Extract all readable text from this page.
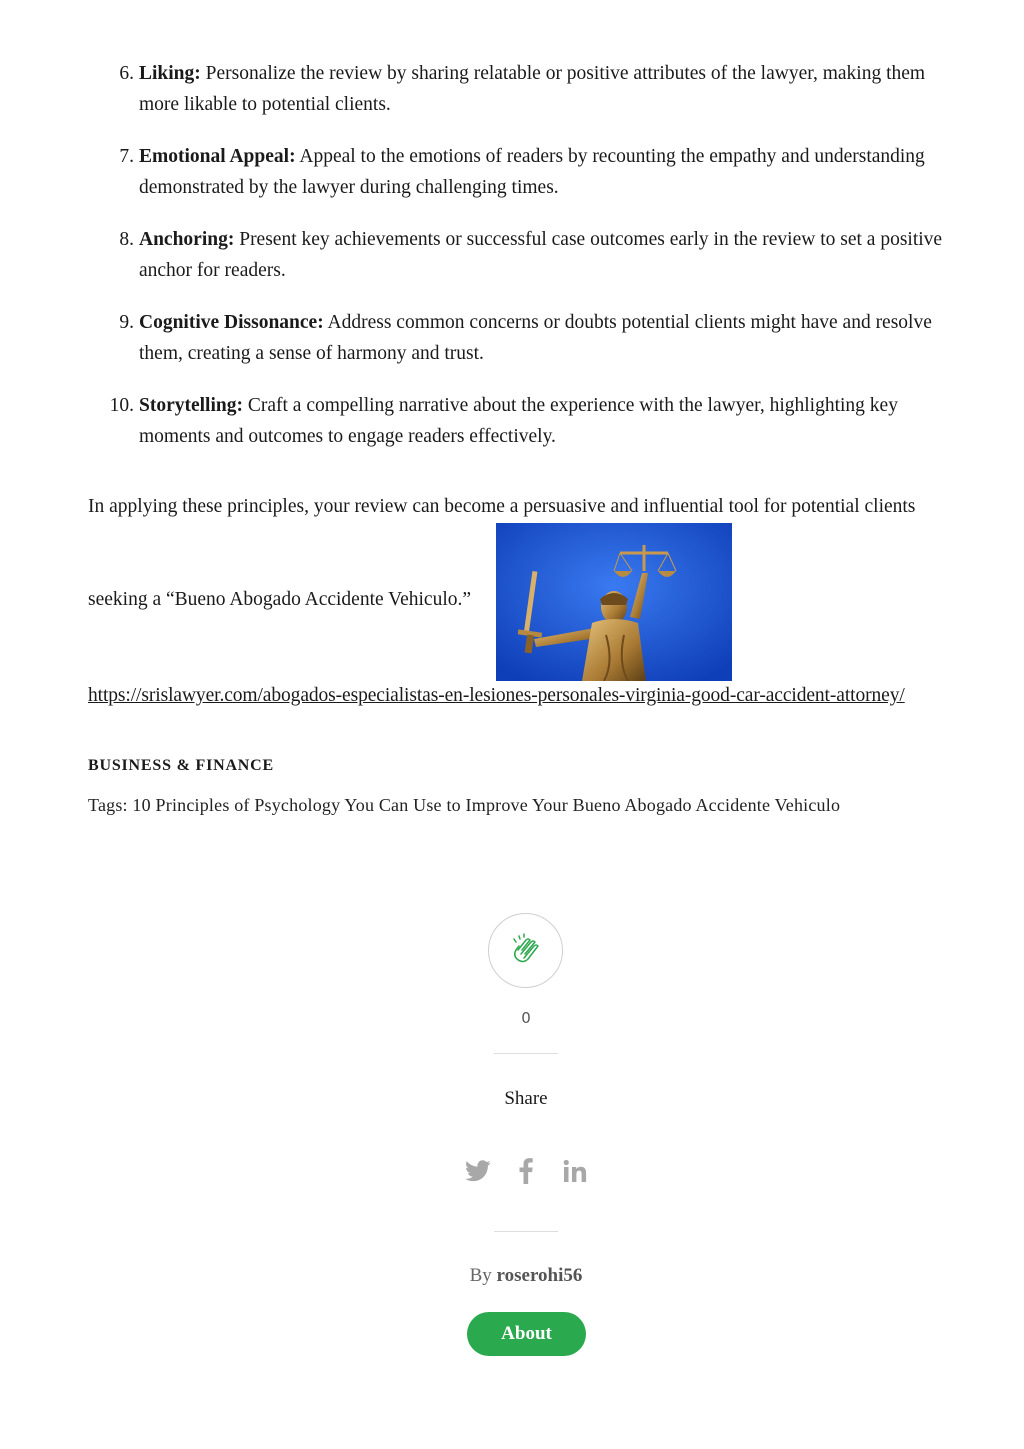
6. Liking: Personalize the review by sharing relatable or positive attributes of the lawyer, making them more likable to potential clients.
7. Emotional Appeal: Appeal to the emotions of readers by recounting the empathy and understanding demonstrated by the lawyer during challenging times.
8. Anchoring: Present key achievements or successful case outcomes early in the review to set a positive anchor for readers.
9. Cognitive Dissonance: Address common concerns or doubts potential clients might have and resolve them, creating a sense of harmony and trust.
10. Storytelling: Craft a compelling narrative about the experience with the lawyer, highlighting key moments and outcomes to engage readers effectively.
In applying these principles, your review can become a persuasive and influential tool for potential clients
seeking a “Bueno Abogado Accidente Vehiculo.”
https://srislawyer.com/abogados-especialistas-en-lesiones-personales-virginia-good-car-accident-attorney/
BUSINESS & FINANCE
Tags: 10 Principles of Psychology You Can Use to Improve Your Bueno Abogado Accidente Vehiculo
0
Share
By roserohi56
About
